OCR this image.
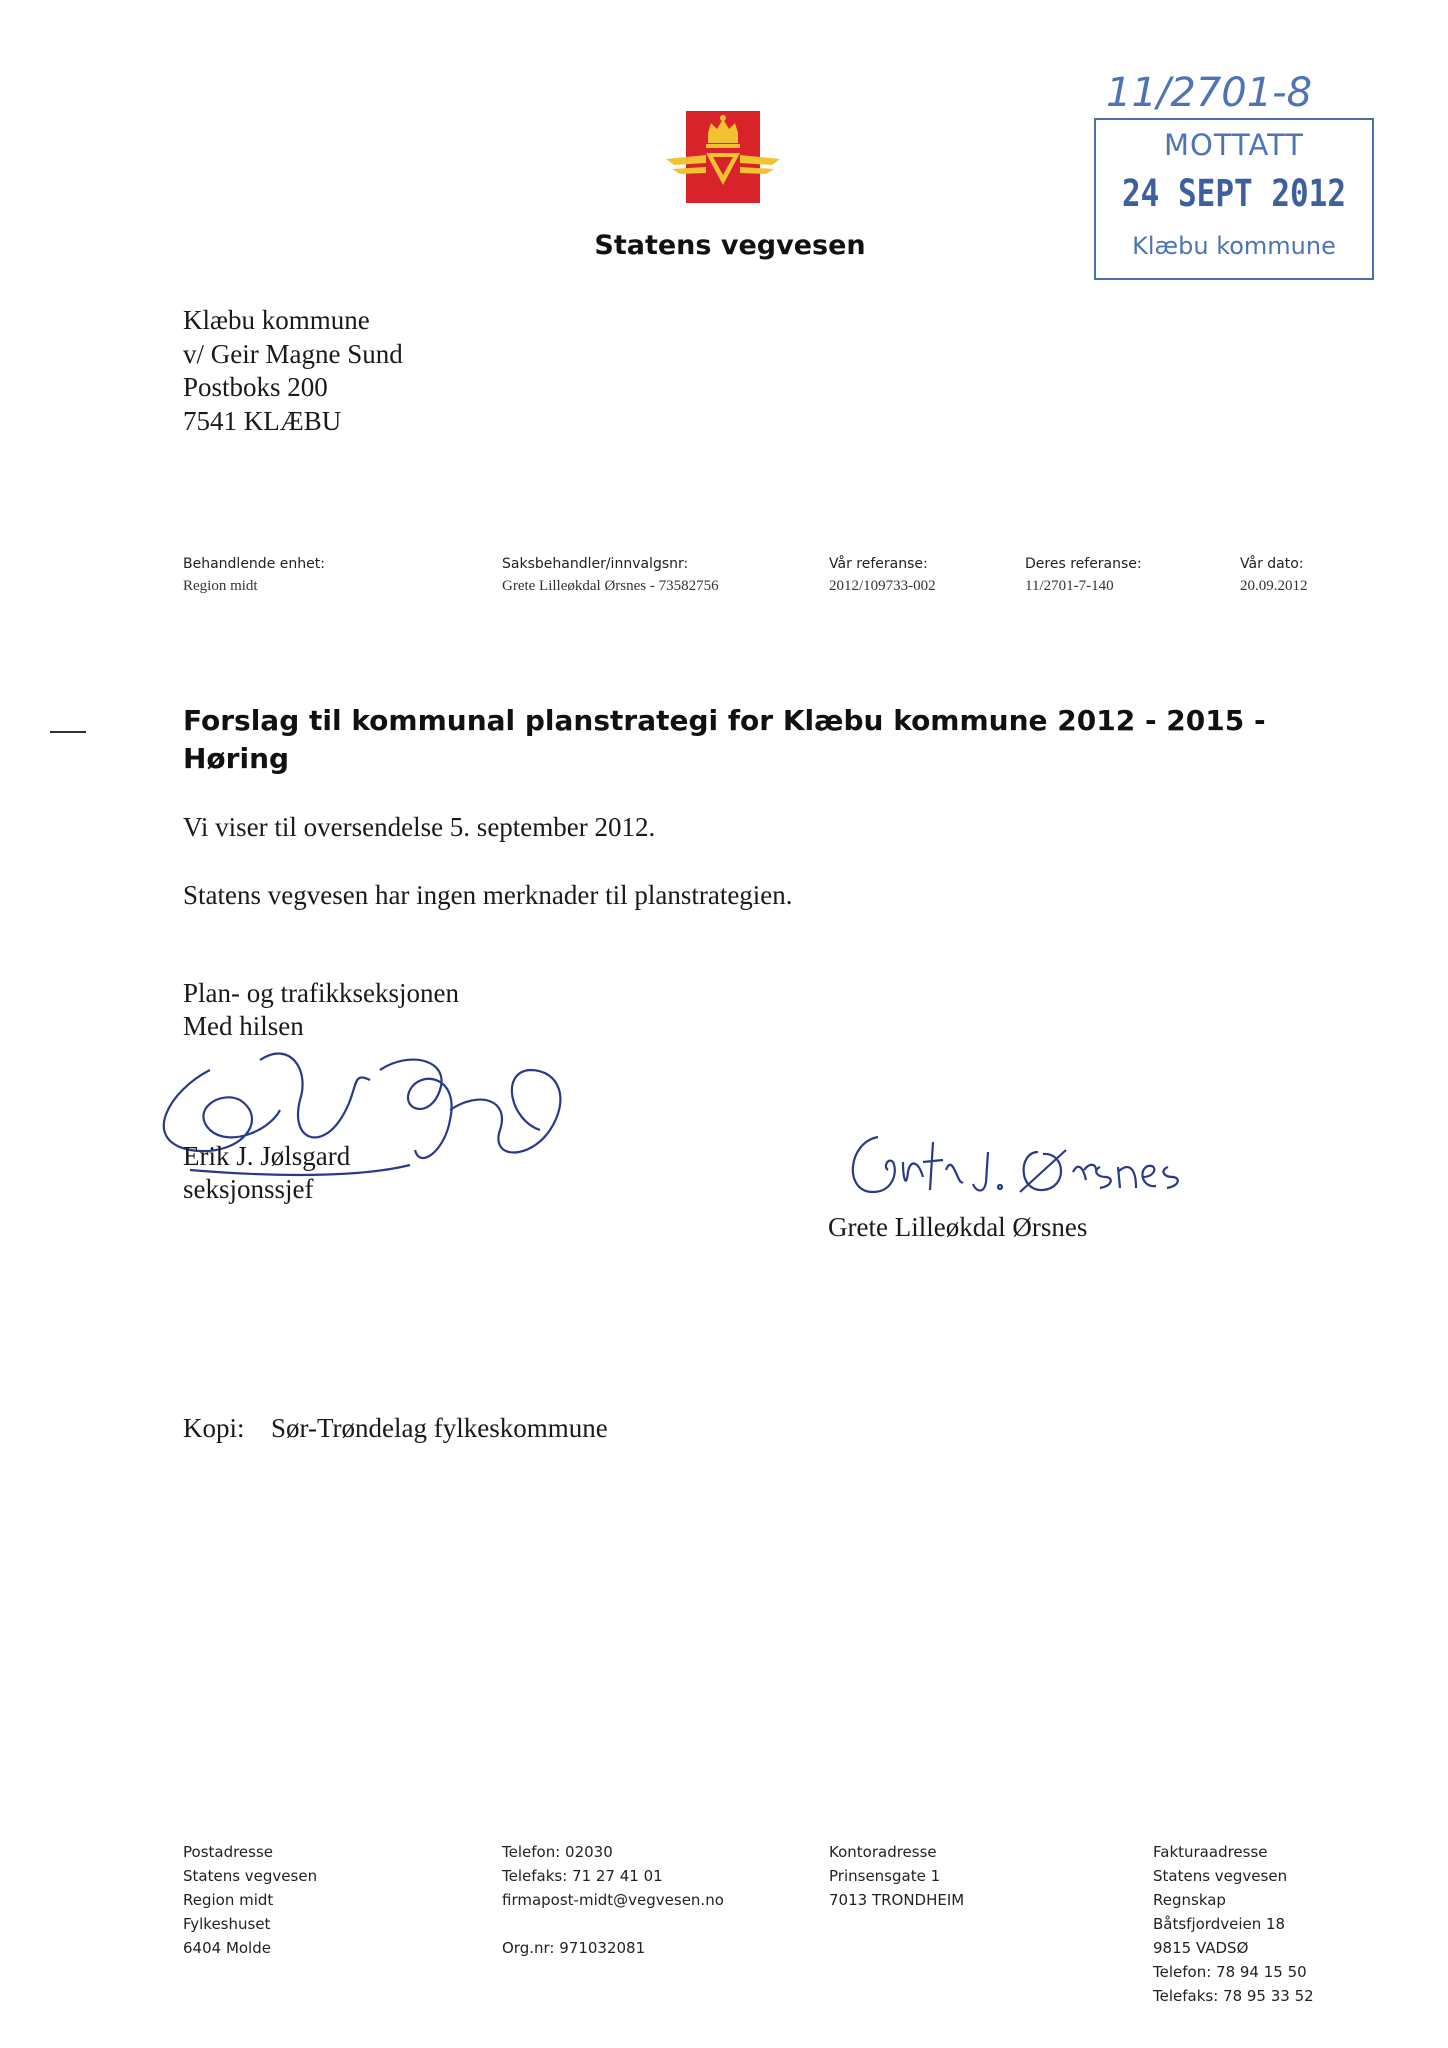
Statens vegvesen
11/2701-8
MOTTATT
24 SEPT 2012
Klæbu kommune
Klæbu kommune
v/ Geir Magne Sund
Postboks 200
7541 KLÆBU
Behandlende enhet:
Region midt
Saksbehandler/innvalgsnr:
Grete Lilleøkdal Ørsnes - 73582756
Vår referanse:
2012/109733-002
Deres referanse:
11/2701-7-140
Vår dato:
20.09.2012
Forslag til kommunal planstrategi for Klæbu kommune 2012 - 2015 -
Høring
Vi viser til oversendelse 5. september 2012.
Statens vegvesen har ingen merknader til planstrategien.
Plan- og trafikkseksjonen
Med hilsen
Erik J. Jølsgard
seksjonssjef
Grete Lilleøkdal Ørsnes
Kopi: Sør-Trøndelag fylkeskommune
Postadresse
Statens vegvesen
Region midt
Fylkeshuset
6404 Molde
Telefon: 02030
Telefaks: 71 27 41 01
firmapost-midt@vegvesen.no
Org.nr: 971032081
Kontoradresse
Prinsensgate 1
7013 TRONDHEIM
Fakturaadresse
Statens vegvesen
Regnskap
Båtsfjordveien 18
9815 VADSØ
Telefon: 78 94 15 50
Telefaks: 78 95 33 52
